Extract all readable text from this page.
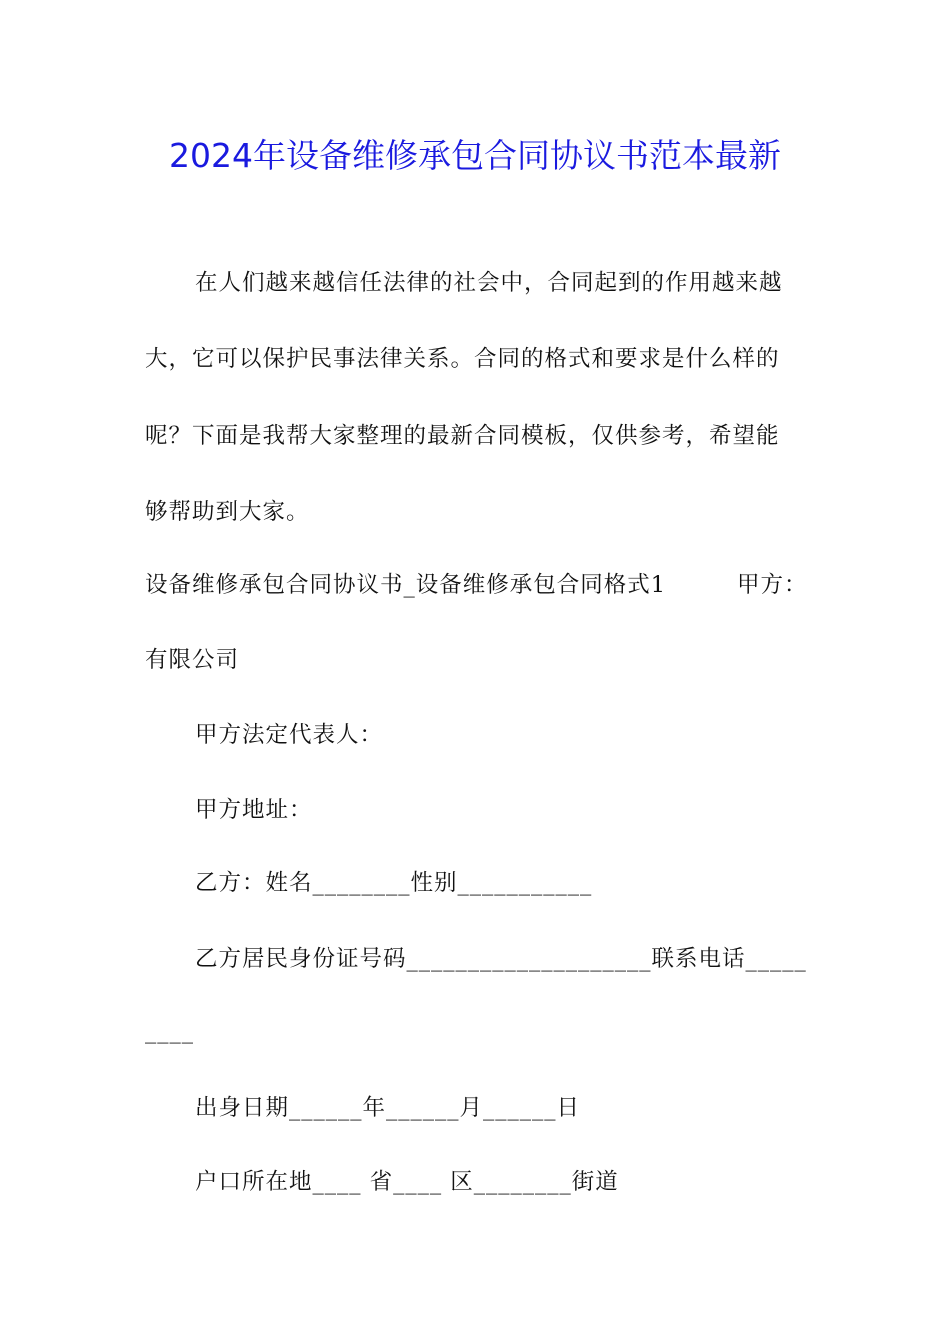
2024年设备维修承包合同协议书范本最新
在人们越来越信任法律的社会中，合同起到的作用越来越
大，它可以保护民事法律关系。合同的格式和要求是什么样的
呢？下面是我帮大家整理的最新合同模板，仅供参考，希望能
够帮助到大家。
设备维修承包合同协议书_设备维修承包合同格式1	甲方：
有限公司
甲方法定代表人：
甲方地址：
乙方：姓名________性别___________
乙方居民身份证号码____________________联系电话_____
____
出身日期______年______月______日
户口所在地____ 省____ 区________街道
